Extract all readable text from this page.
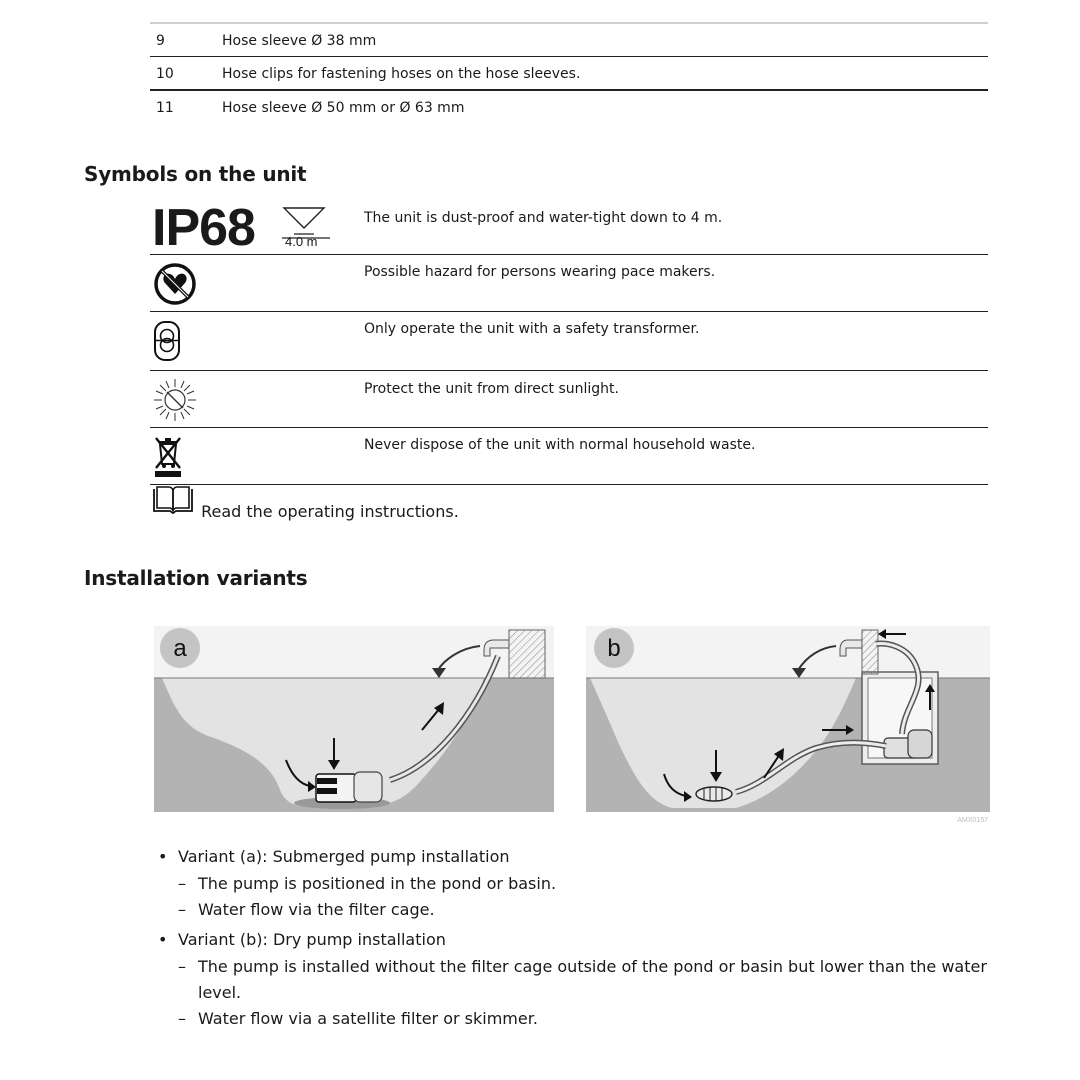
9	Hose sleeve Ø 38 mm
10	Hose clips for fastening hoses on the hose sleeves.
11	Hose sleeve Ø 50 mm or Ø 63 mm
Symbols on the unit
IP68 4.0 m
The unit is dust-proof and water-tight down to 4 m.
Possible hazard for persons wearing pace makers.
Only operate the unit with a safety transformer.
Protect the unit from direct sunlight.
Never dispose of the unit with normal household waste.
Read the operating instructions.
Installation variants
a	b
AMX0157
• Variant (a): Submerged pump installation
– The pump is positioned in the pond or basin.
– Water flow via the filter cage.
• Variant (b): Dry pump installation
– The pump is installed without the filter cage outside of the pond or basin but lower than the water level.
– Water flow via a satellite filter or skimmer.
